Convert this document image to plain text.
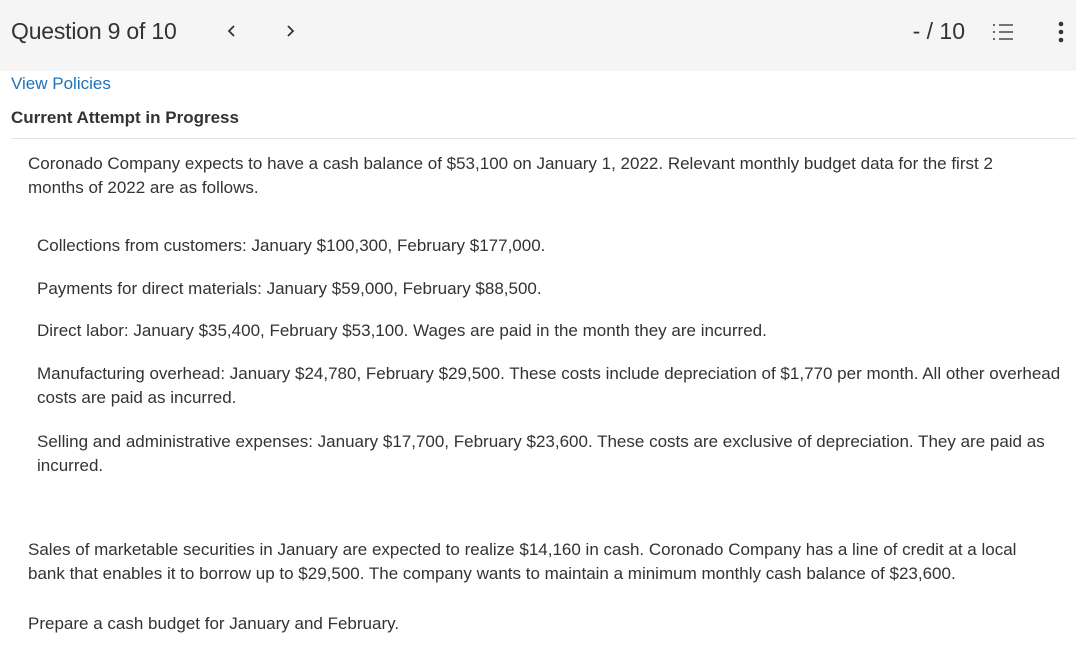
Question 9 of 10	- / 10
View Policies
Current Attempt in Progress

Coronado Company expects to have a cash balance of $53,100 on January 1, 2022. Relevant monthly budget data for the first 2 months of 2022 are as follows.

Collections from customers: January $100,300, February $177,000.

Payments for direct materials: January $59,000, February $88,500.

Direct labor: January $35,400, February $53,100. Wages are paid in the month they are incurred.

Manufacturing overhead: January $24,780, February $29,500. These costs include depreciation of $1,770 per month. All other overhead costs are paid as incurred.

Selling and administrative expenses: January $17,700, February $23,600. These costs are exclusive of depreciation. They are paid as incurred.

Sales of marketable securities in January are expected to realize $14,160 in cash. Coronado Company has a line of credit at a local bank that enables it to borrow up to $29,500. The company wants to maintain a minimum monthly cash balance of $23,600.

Prepare a cash budget for January and February.
